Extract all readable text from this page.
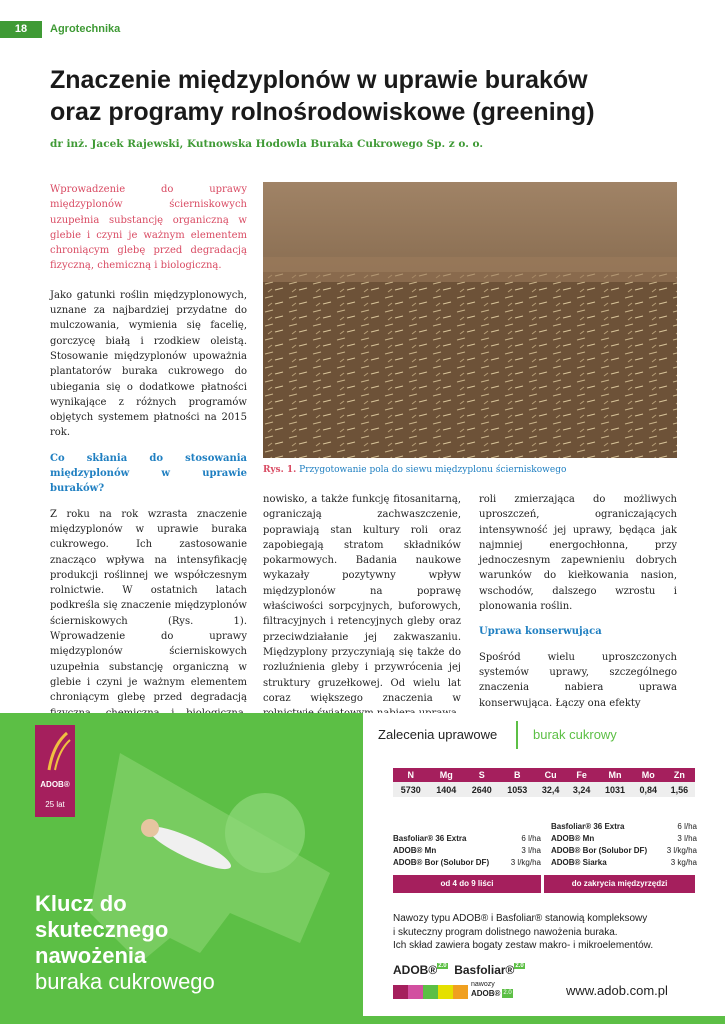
18	Agrotechnika
Znaczenie międzyplonów w uprawie buraków
oraz programy rolnośrodowiskowe (greening)
dr inż. Jacek Rajewski, Kutnowska Hodowla Buraka Cukrowego Sp. z o. o.

Wprowadzenie do uprawy międzyplonów ścierniskowych uzupełnia substancję organiczną w glebie i czyni je ważnym elementem chroniącym glebę przed degradacją fizyczną, chemiczną i biologiczną.

Jako gatunki roślin międzyplonowych, uznane za najbardziej przydatne do mulczowania, wymienia się facelię, gorczycę białą i rzodkiew oleistą. Stosowanie międzyplonów upoważnia plantatorów buraka cukrowego do ubiegania się o dodatkowe płatności wynikające z różnych programów objętych systemem płatności na 2015 rok.

Co skłania do stosowania międzyplonów w uprawie buraków?

Z roku na rok wzrasta znaczenie międzyplonów w uprawie buraka cukrowego. Ich zastosowanie znacząco wpływa na intensyfikację produkcji roślinnej we współczesnym rolnictwie. W ostatnich latach podkreśla się znaczenie międzyplonów ścierniskowych (Rys. 1). Wprowadzenie do uprawy międzyplonów ścierniskowych uzupełnia substancję organiczną w glebie i czyni je ważnym elementem chroniącym glebę przed degradacją

Rys. 1. Przygotowanie pola do siewu międzyplonu ścierniskowego

nowisko, a także funkcję fitosanitarną, ograniczają zachwaszczenie, poprawiają stan kultury roli oraz zapobiegają stratom składników pokarmowych. Badania naukowe wykazały pozytywny wpływ międzyplonów na poprawę właściwości sorpcyjnych, buforowych, filtracyjnych i retencyjnych gleby oraz przeciwdziałanie jej zakwaszaniu. Międzyplony przyczyniają się także do rozluźnienia gleby i przywrócenia jej struktury gruzełkowej. Od wielu lat coraz większego znaczenia w

roli zmierzająca do możliwych uproszczeń, ograniczających intensywność jej uprawy, będąca jak najmniej energochłonna, przy jednoczesnym zapewnieniu dobrych warunków do kiełkowania nasion, wschodów, dalszego wzrostu i plonowania roślin.

Uprawa konserwująca

Spośród wielu uproszczonych systemów uprawy, szczególnego znaczenia nabiera uprawa konserwująca. Łączy ona efekty

ADOB®
25 lat
Klucz do
skutecznego
nawożenia
buraka cukrowego
Zalecenia uprawowe	burak cukrowy
N	Mg	S	B	Cu	Fe	Mn	Mo	Zn
5730	1404	2640	1053	32,4	3,24	1031	0,84	1,56
Basfoliar® 36 Extra	6 l/ha
ADOB® Mn	3 l/ha
ADOB® Bor (Solubor DF)	3 l/kg/ha
Basfoliar® 36 Extra	6 l/ha
ADOB® Mn	3 l/ha
ADOB® Bor (Solubor DF) 3 l/kg/ha
ADOB® Siarka	3 kg/ha
od 4 do 9 liści	do zakrycia międzyrzędzi
Nawozy typu ADOB® i Basfoliar® stanowią kompleksowy
i skuteczny program dolistnego nawożenia buraka.
Ich skład zawiera bogaty zestaw makro- i mikroelementów.
ADOB®2.0 Basfoliar®2.0
nawozy
ADOB® 2.0	www.adob.com.pl
